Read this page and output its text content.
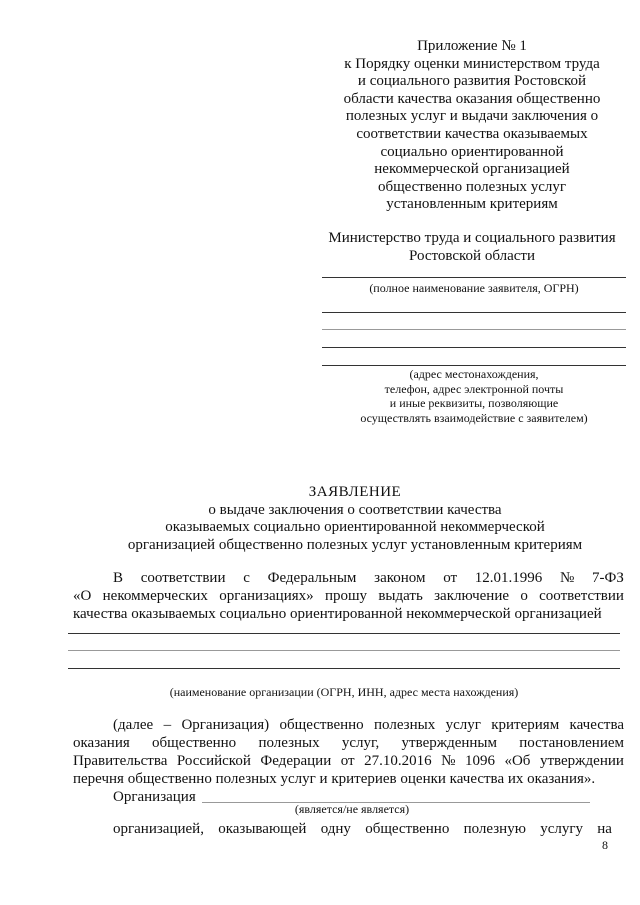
Приложение № 1
к Порядку оценки министерством труда
и социального развития Ростовской
области качества оказания общественно
полезных услуг и выдачи заключения о
соответствии качества оказываемых
социально ориентированной
некоммерческой организацией
общественно полезных услуг
установленным критериям
Министерство труда и социального развития
Ростовской области
(полное наименование заявителя, ОГРН)
(адрес местонахождения,
телефон, адрес электронной почты
и иные реквизиты, позволяющие
осуществлять взаимодействие с заявителем)
ЗАЯВЛЕНИЕ
о выдаче заключения о соответствии качества
оказываемых социально ориентированной некоммерческой
организацией общественно полезных услуг установленным критериям
В соответствии с Федеральным законом от 12.01.1996 № 7-ФЗ
«О некоммерческих организациях» прошу выдать заключение о соответствии
качества оказываемых социально ориентированной некоммерческой организацией
(наименование организации (ОГРН, ИНН, адрес места нахождения)
(далее – Организация) общественно полезных услуг критериям качества
оказания общественно полезных услуг, утвержденным постановлением
Правительства Российской Федерации от 27.10.2016 № 1096 «Об утверждении
перечня общественно полезных услуг и критериев оценки качества их оказания».
Организация
(является/не является)
организацией, оказывающей одну общественно полезную услугу на
8
